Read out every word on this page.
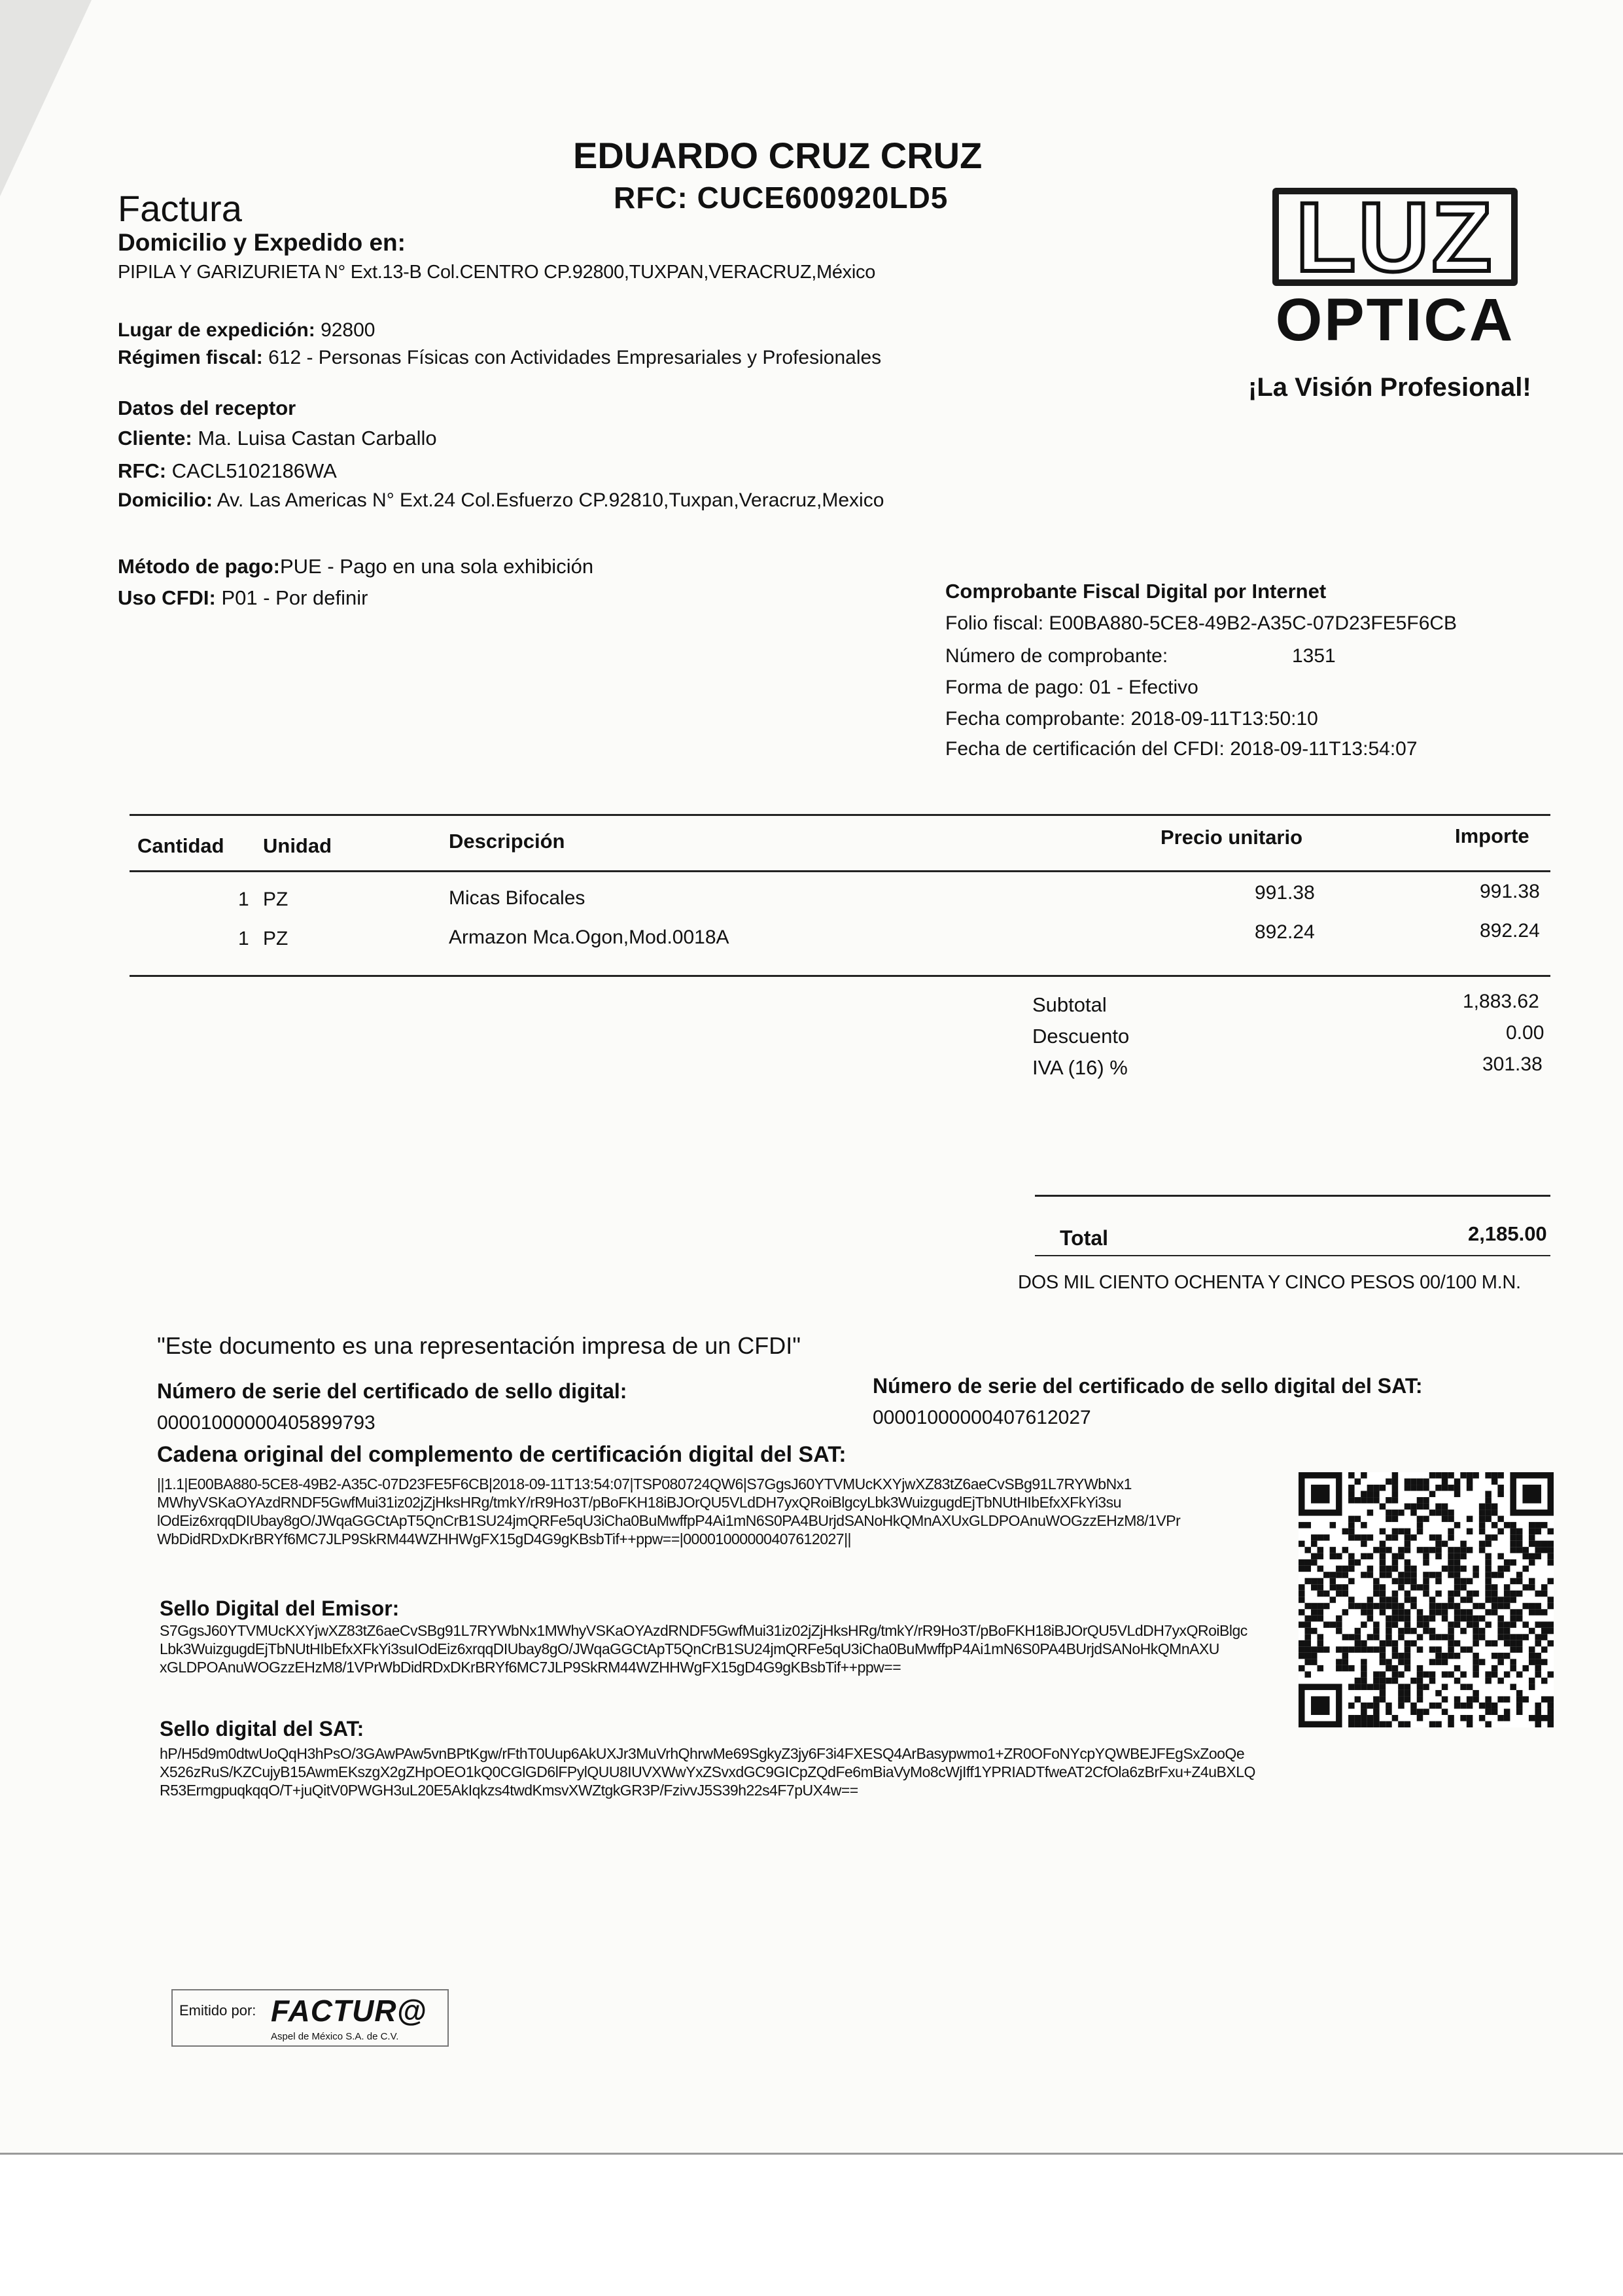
EDUARDO CRUZ CRUZ
RFC: CUCE600920LD5
Factura
Domicilio y Expedido en:
PIPILA Y GARIZURIETA N° Ext.13-B Col.CENTRO CP.92800,TUXPAN,VERACRUZ,México
Lugar de expedición: 92800
Régimen fiscal: 612 - Personas Físicas con Actividades Empresariales y Profesionales
LUZ
OPTICA
¡La Visión Profesional!
Datos del receptor
Cliente: Ma. Luisa Castan Carballo
RFC: CACL5102186WA
Domicilio: Av. Las Americas N° Ext.24 Col.Esfuerzo CP.92810,Tuxpan,Veracruz,Mexico
Método de pago:PUE - Pago en una sola exhibición
Uso CFDI: P01 - Por definir	Comprobante Fiscal Digital por Internet
Folio fiscal: E00BA880-5CE8-49B2-A35C-07D23FE5F6CB
Número de comprobante:	1351
Forma de pago: 01 - Efectivo
Fecha comprobante: 2018-09-11T13:50:10
Fecha de certificación del CFDI: 2018-09-11T13:54:07
Cantidad Unidad	Descripción	Precio unitario	Importe
1 PZ	Micas Bifocales	991.38	991.38
1 PZ	Armazon Mca.Ogon,Mod.0018A	892.24	892.24
Subtotal	1,883.62
Descuento	0.00
IVA (16) %	301.38
Total	2,185.00
DOS MIL CIENTO OCHENTA Y CINCO PESOS 00/100 M.N.
"Este documento es una representación impresa de un CFDI"
Número de serie del certificado de sello digital:
00001000000405899793
Número de serie del certificado de sello digital del SAT:
00001000000407612027
Cadena original del complemento de certificación digital del SAT:
||1.1|E00BA880-5CE8-49B2-A35C-07D23FE5F6CB|2018-09-11T13:54:07|TSP080724QW6|S7GgsJ60YTVMUcKXYjwXZ83tZ6aeCvSBg91L7RYWbNx1
MWhyVSKaOYAzdRNDF5GwfMui31iz02jZjHksHRg/tmkY/rR9Ho3T/pBoFKH18iBJOrQU5VLdDH7yxQRoiBlgcyLbk3WuizgugdEjTbNUtHIbEfxXFkYi3su
lOdEiz6xrqqDIUbay8gO/JWqaGGCtApT5QnCrB1SU24jmQRFe5qU3iCha0BuMwffpP4Ai1mN6S0PA4BUrjdSANoHkQMnAXUxGLDPOAnuWOGzzEHzM8/1VPr
WbDidRDxDKrBRYf6MC7JLP9SkRM44WZHHWgFX15gD4G9gKBsbTif++ppw==|00001000000407612027||
Sello Digital del Emisor:
S7GgsJ60YTVMUcKXYjwXZ83tZ6aeCvSBg91L7RYWbNx1MWhyVSKaOYAzdRNDF5GwfMui31iz02jZjHksHRg/tmkY/rR9Ho3T/pBoFKH18iBJOrQU5VLdDH7yxQRoiBlgc
Lbk3WuizgugdEjTbNUtHIbEfxXFkYi3suIOdEiz6xrqqDIUbay8gO/JWqaGGCtApT5QnCrB1SU24jmQRFe5qU3iCha0BuMwffpP4Ai1mN6S0PA4BUrjdSANoHkQMnAXU
xGLDPOAnuWOGzzEHzM8/1VPrWbDidRDxDKrBRYf6MC7JLP9SkRM44WZHHWgFX15gD4G9gKBsbTif++ppw==
Sello digital del SAT:
hP/H5d9m0dtwUoQqH3hPsO/3GAwPAw5vnBPtKgw/rFthT0Uup6AkUXJr3MuVrhQhrwMe69SgkyZ3jy6F3i4FXESQ4ArBasypwmo1+ZR0OFoNYcpYQWBEJFEgSxZooQe
X526zRuS/KZCujyB15AwmEKszgX2gZHpOEO1kQ0CGlGD6lFPylQUU8IUVXWwYxZSvxdGC9GICpZQdFe6mBiaVyMo8cWjIff1YPRIADTfweAT2CfOla6zBrFxu+Z4uBXLQ
R53ErmgpuqkqqO/T+juQitV0PWGH3uL20E5AkIqkzs4twdKmsvXWZtgkGR3P/FzivvJ5S39h22s4F7pUX4w==
Emitido por: FACTUR@
Aspel de México S.A. de C.V.
